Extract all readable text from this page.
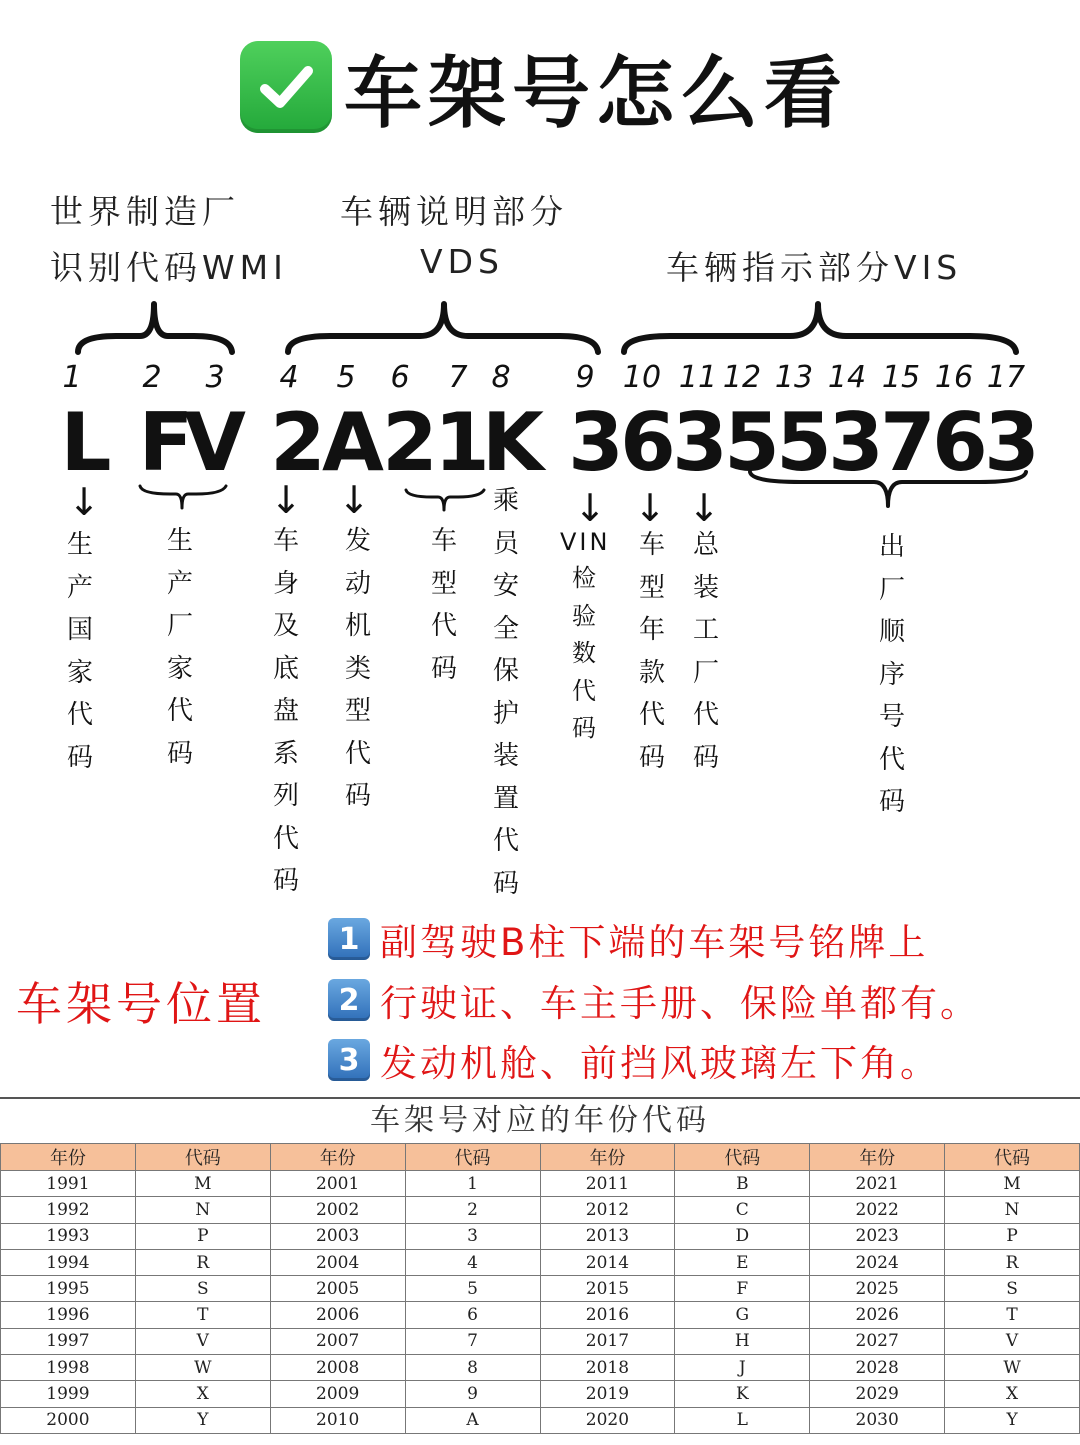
车架号怎么看
世界制造厂
识别代码WMI
车辆说明部分
VDS	车辆指示部分VIS
1	2	3	4	5	6	7 8	9 10 11 12 13 14 15 16 17
L F
V 2
A
2
1
K 3
6
3
5
5
3
7
6
3
↓	↓ ↓	↓ ↓ ↓
生产国家代码
生产厂家代码
车身及底盘系列代码
发动机类型代码
车型代码
乘员安全保护装置代码
VIN
检验数代码
车型年款代码
总装工厂代码
出厂顺序号代码
车架号位置
1 副驾驶B柱下端的车架号铭牌上
2 行驶证、车主手册、保险单都有。
3 发动机舱、前挡风玻璃左下角。
车架号对应的年份代码
年份	代码	年份	代码	年份	代码	年份	代码
1991	M	2001	1	2011	B	2021	M
1992	N	2002	2	2012	C	2022	N
1993	P	2003	3	2013	D	2023	P
1994	R	2004	4	2014	E	2024	R
1995	S	2005	5	2015	F	2025	S
1996	T	2006	6	2016	G	2026	T
1997	V	2007	7	2017	H	2027	V
1998	W	2008	8	2018	J	2028	W
1999	X	2009	9	2019	K	2029	X
2000	Y	2010	A	2020	L	2030	Y
